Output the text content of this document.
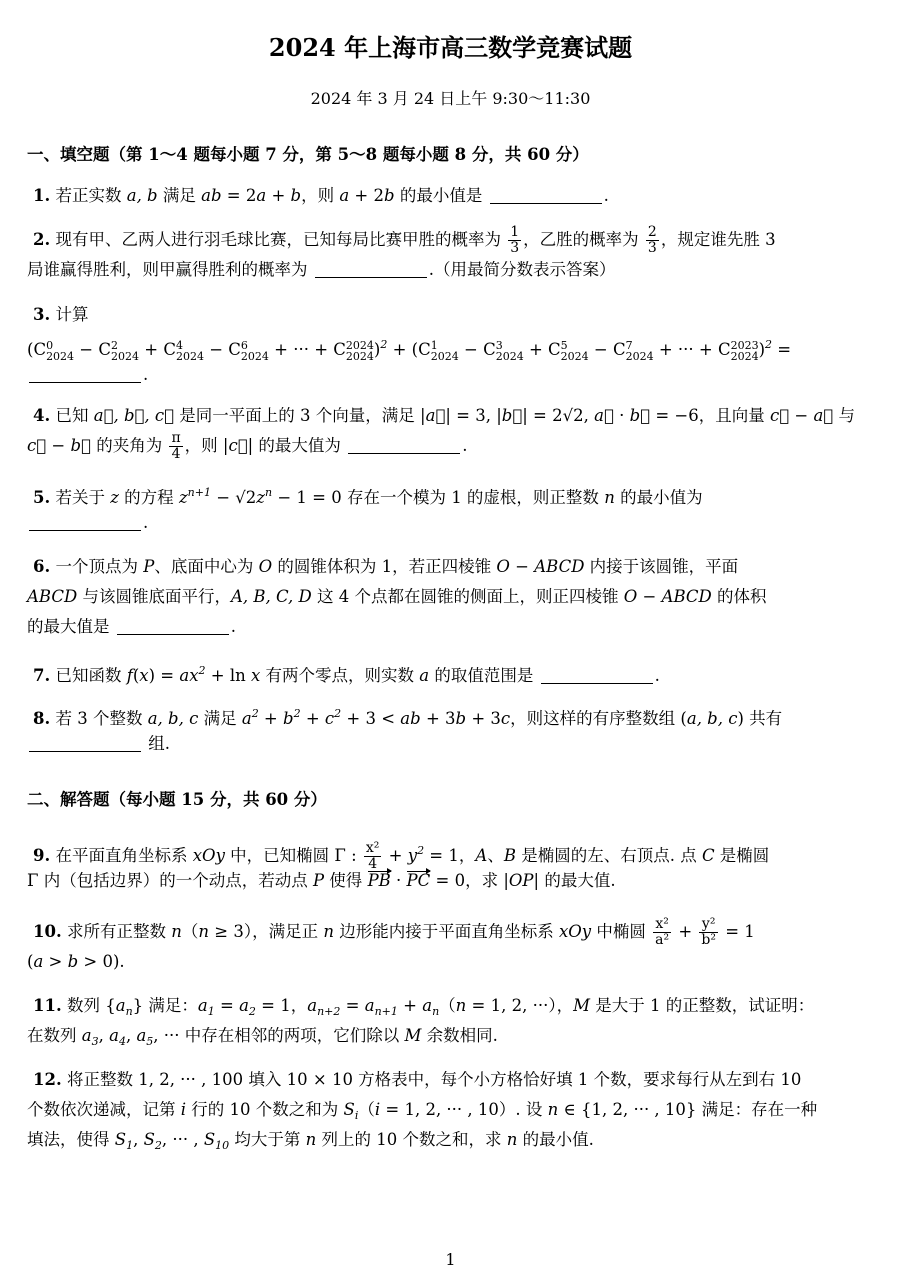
2024 年上海市高三数学竞赛试题
2024 年 3 月 24 日上午 9:30～11:30
一、填空题（第 1～4 题每小题 7 分，第 5～8 题每小题 8 分，共 60 分）
二、解答题（每小题 15 分，共 60 分）
1. 若正实数 a, b 满足 ab = 2a + b，则 a + 2b 的最小值是	.
2. 现有甲、乙两人进行羽毛球比赛，已知每局比赛甲胜的概率为 $\frac{1}{3}$ ，乙胜的概率为 $\frac{2}{3}$ ，规定谁先胜 3
局谁赢得胜利，则甲赢得胜利的概率为	.（用最简分数表示答案）
3. 计算
(C 0
2024 − C 2
2024 + C 4
2024 − C 6
2024 + ··· + C 2024
2024 )$^2$ + (C 1
2024 − C 3
2024 + C 5
2024 − C 7
2024 + ··· + C 2023
2024 )$^2$ =
.
4. 已知 a⃗, b⃗, c⃗ 是同一平面上的 3 个向量，满足 |a⃗| = 3, |b⃗| = 2√2, a⃗ · b⃗ = −6，且向量 c⃗ − a⃗ 与
c⃗ − b⃗ 的夹角为 $\frac{\pi}{4}$ ，则 |c⃗| 的最大值为	.
5. 若关于 z 的方程 $z^{n+1} - √2z^n - 1 = 0$ 存在一个模为 1 的虚根，则正整数 n 的最小值为
.
6. 一个顶点为 P、底面中心为 O 的圆锥体积为 1，若正四棱锥 O − ABCD 内接于该圆锥，平面
ABCD 与该圆锥底面平行，A, B, C, D 这 4 个点都在圆锥的侧面上，则正四棱锥 O − ABCD 的体积
的最大值是	.
7. 已知函数 $f(x) = ax^2 + \ln x$ 有两个零点，则实数 a 的取值范围是	.
8. 若 3 个整数 a, b, c 满足 $a^2 + b^2 + c^2 + 3$ < ab + 3b + 3c，则这样的有序整数组 (a, b, c) 共有
组.
9. 在平面直角坐标系 xOy 中，已知椭圆 Γ : $\frac{\text{x²}}{4} + y^2 = 1$，A、B 是椭圆的左、右顶点. 点 C 是椭圆
Γ 内（包括边界）的一个动点，若动点 P 使得 PB · PC = 0，求 |OP| 的最大值.
10. 求所有正整数 n（n ≥ 3），满足正 n 边形能内接于平面直角坐标系 xOy 中椭圆 $\frac{\text{x²}}{\text{a²}} + \frac{\text{y²}}{\text{b²}} = 1$
(a > b > 0).
11. 数列 $\{a_n\}$ 满足：$a_1 = a_2 = 1$，$a_{n+2} = a_{n+1} + a_n(n = 1$, 2, ···），M 是大于 1 的正整数，试证明：
在数列 $a_3$, $a_4$, $a_5$, ··· 中存在相邻的两项，它们除以 M 余数相同.
12. 将正整数 1, 2, ··· , 100 填入 10 × 10 方格表中，每个小方格恰好填 1 个数，要求每行从左到右 10
个数依次递减，记第 i 行的 10 个数之和为 $S_i(i = 1$, 2, ··· , 10）. 设 n ∈ {1, 2, ··· , 10} 满足：存在一种
填法，使得 $S_1$, $S_2$, ··· , $S_{10}$ 均大于第 n 列上的 10 个数之和，求 n 的最小值.
1
